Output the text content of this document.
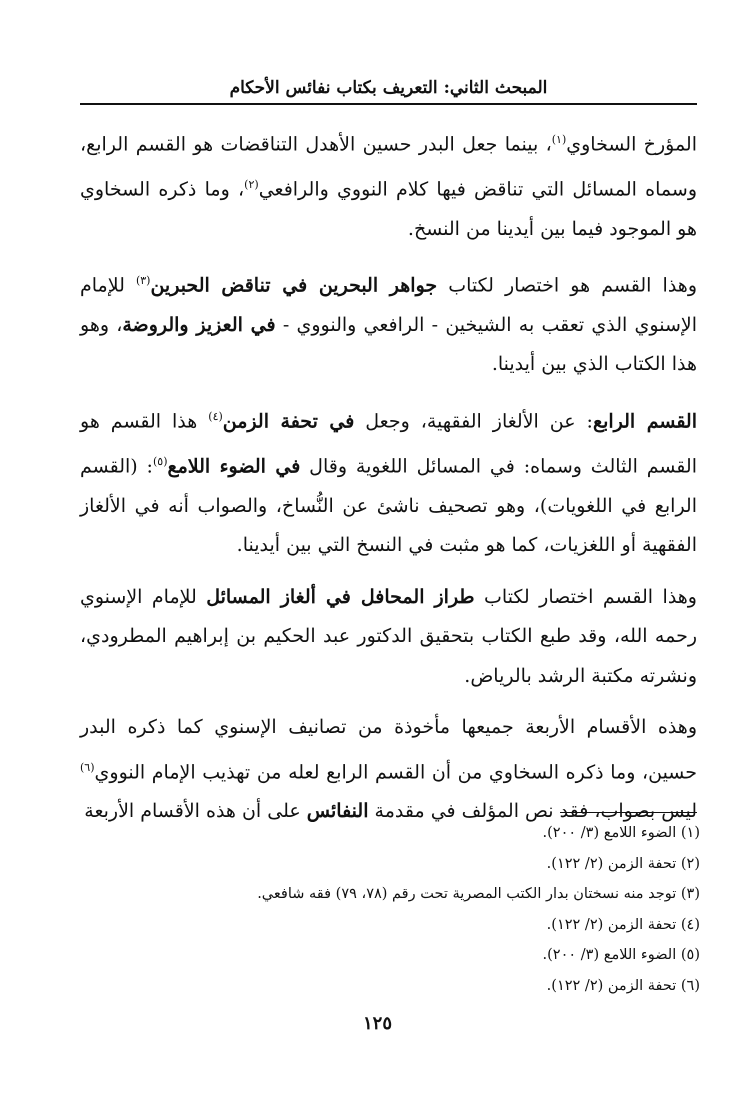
المبحث الثاني: التعريف بكتاب نفائس الأحكام

المؤرخ السخاوي$^{(١)}$، بينما جعل البدر حسين الأهدل التناقضات هو القسم الرابع، وسماه المسائل التي تناقض فيها كلام النووي والرافعي$^{(٢)}$، وما ذكره السخاوي هو الموجود فيما بين أيدينا من النسخ.

وهذا القسم هو اختصار لكتاب جواهر البحرين في تناقض الحبرين$^{(٣)}$ للإمام الإسنوي الذي تعقب به الشيخين - الرافعي والنووي - في العزيز والروضة، وهو هذا الكتاب الذي بين أيدينا.

القسم الرابع: عن الألغاز الفقهية، وجعل في تحفة الزمن$^{(٤)}$ هذا القسم هو القسم الثالث وسماه: في المسائل اللغوية وقال في الضوء اللامع$^{(٥)}$: (القسم الرابع في اللغويات)، وهو تصحيف ناشئ عن النُّساخ، والصواب أنه في الألغاز الفقهية أو اللغزيات، كما هو مثبت في النسخ التي بين أيدينا.

وهذا القسم اختصار لكتاب طراز المحافل في ألغاز المسائل للإمام الإسنوي رحمه الله، وقد طبع الكتاب بتحقيق الدكتور عبد الحكيم بن إبراهيم المطرودي، ونشرته مكتبة الرشد بالرياض.

وهذه الأقسام الأربعة جميعها مأخوذة من تصانيف الإسنوي كما ذكره البدر حسين، وما ذكره السخاوي من أن القسم الرابع لعله من تهذيب الإمام النووي$^{(٦)}$ ليس بصواب، فقد نص المؤلف في مقدمة النفائس على أن هذه الأقسام الأربعة

(١) الضوء اللامع (٣/ ٢٠٠).
(٢) تحفة الزمن (٢/ ١٢٢).
(٣) توجد منه نسختان بدار الكتب المصرية تحت رقم (٧٨، ٧٩) فقه شافعي.
(٤) تحفة الزمن (٢/ ١٢٢).
(٥) الضوء اللامع (٣/ ٢٠٠).
(٦) تحفة الزمن (٢/ ١٢٢).
١٢٥
